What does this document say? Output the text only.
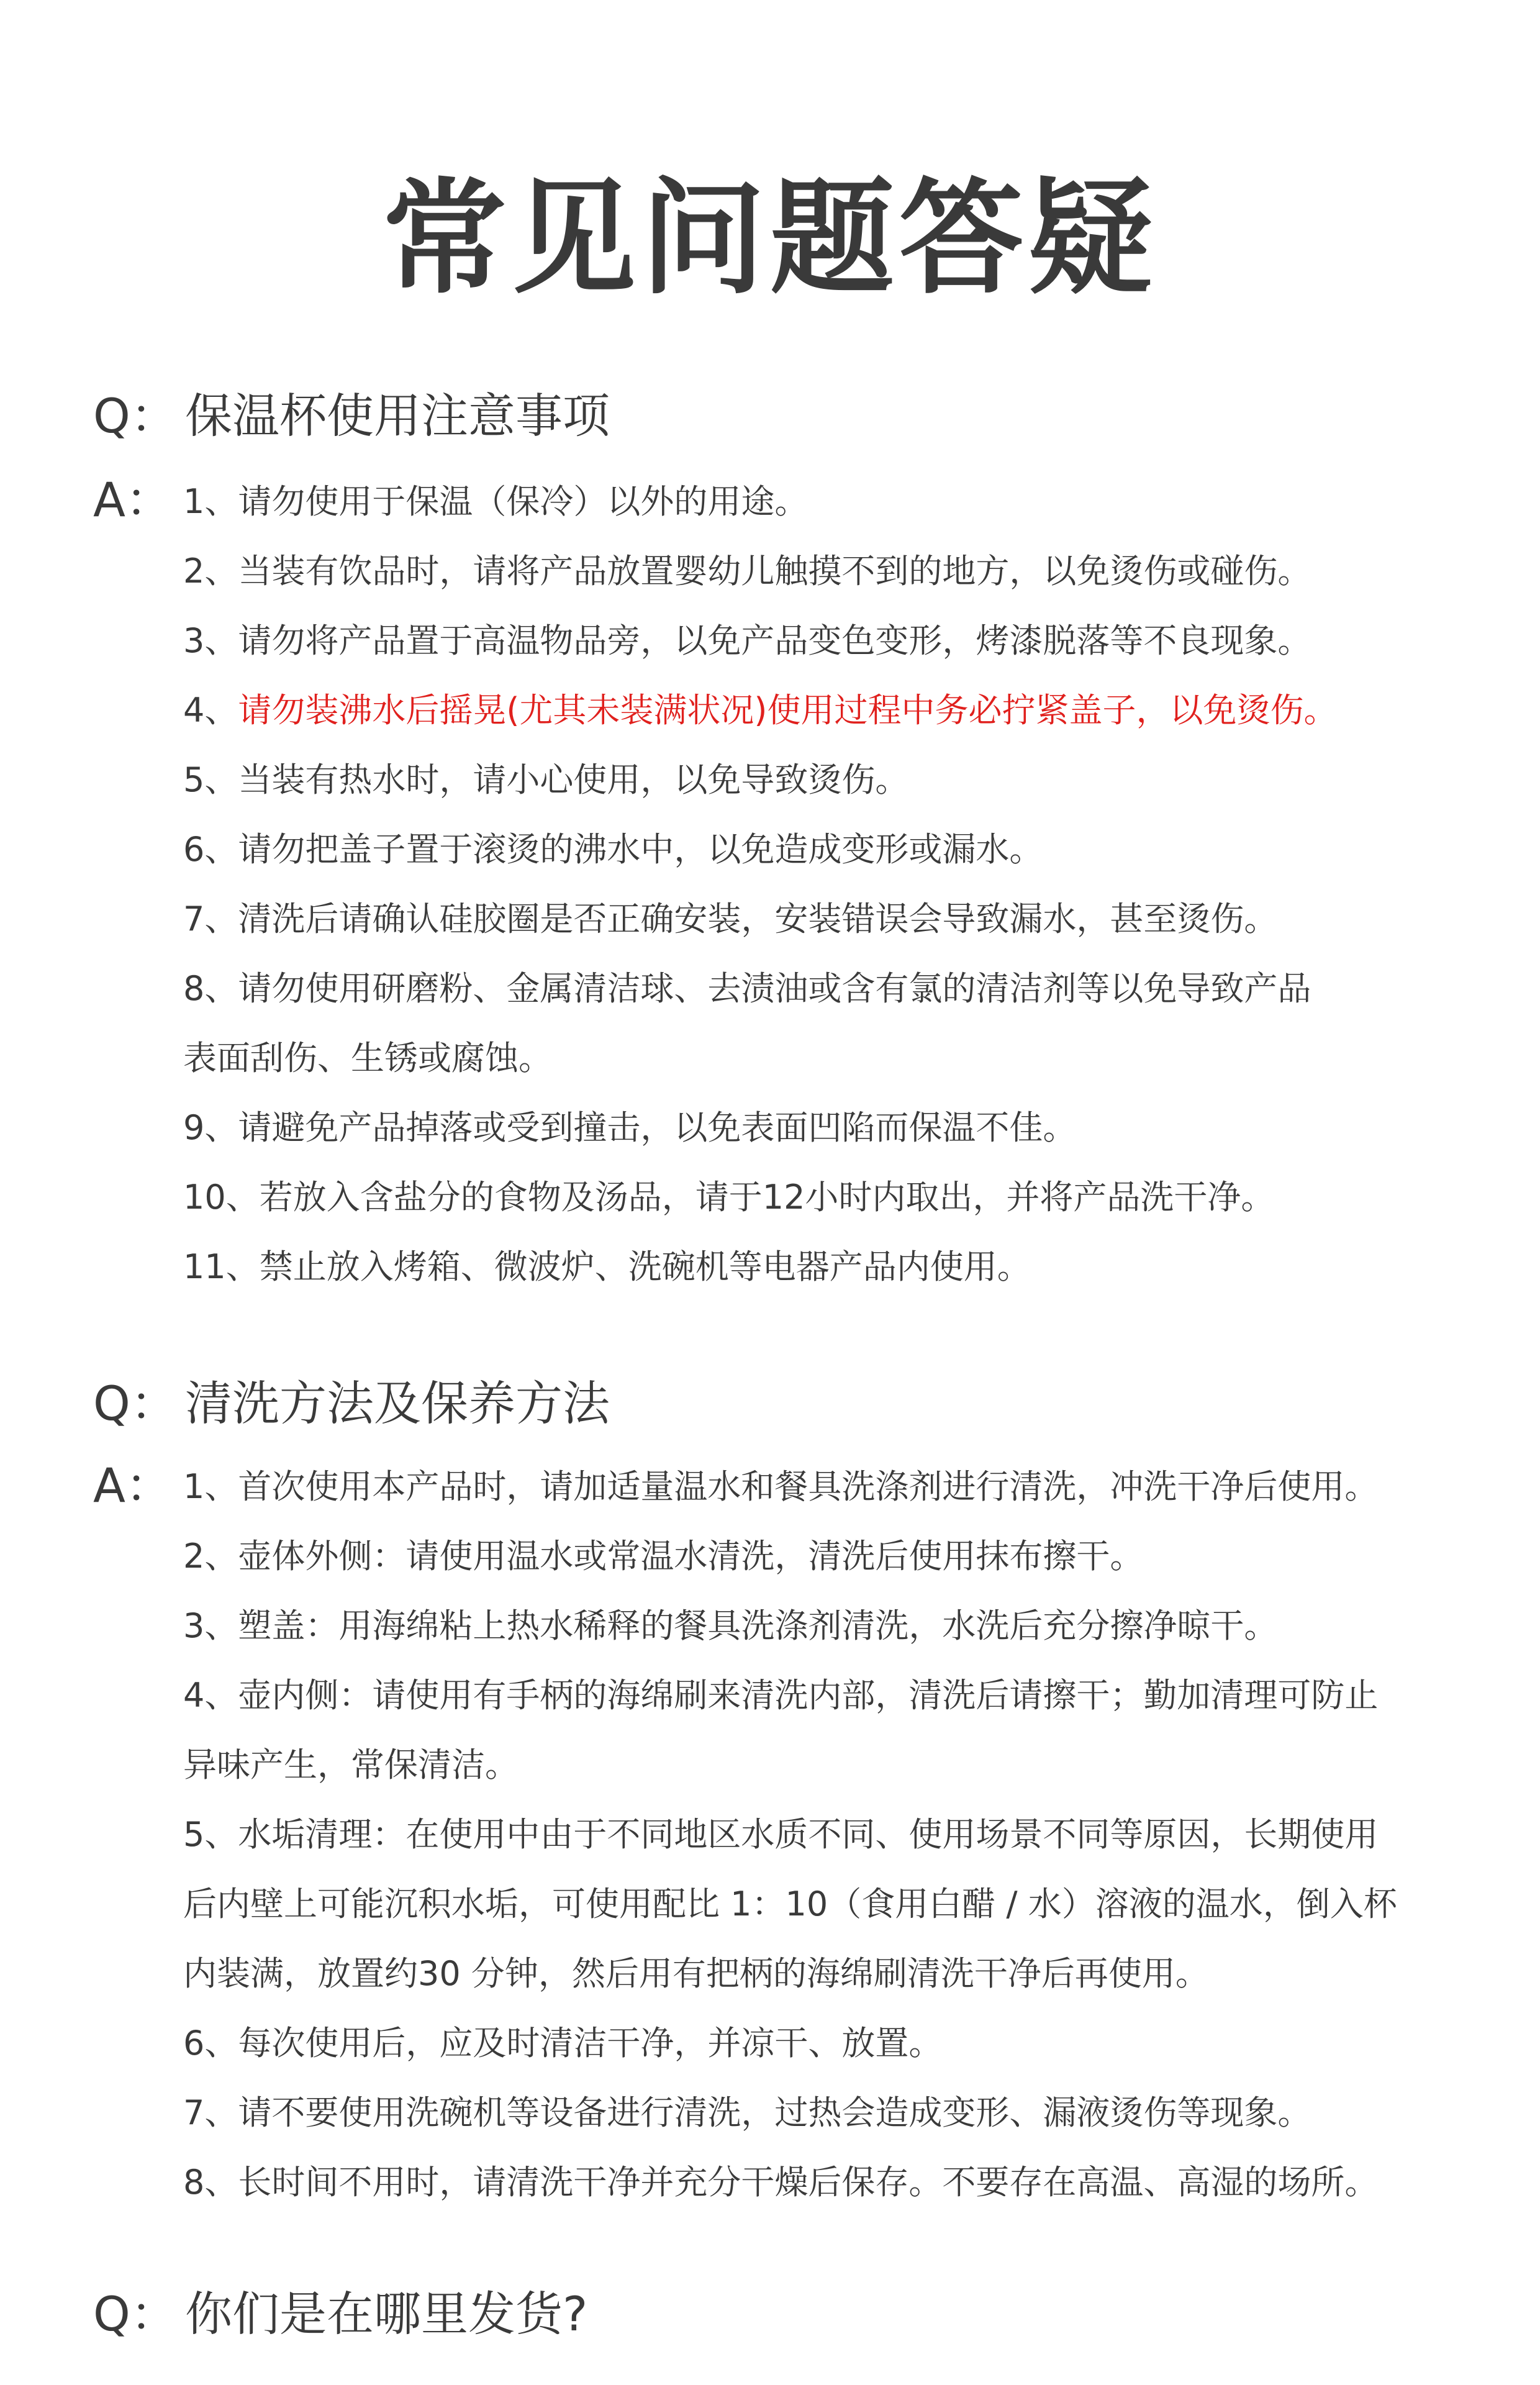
常见问题答疑
Q： 保温杯使用注意事项
A： 1、请勿使用于保温（保冷）以外的用途。
2、当装有饮品时，请将产品放置婴幼儿触摸不到的地方，以免烫伤或碰伤。
3、请勿将产品置于高温物品旁，以免产品变色变形，烤漆脱落等不良现象。
4、请勿装沸水后摇晃(尤其未装满状况)使用过程中务必拧紧盖子，以免烫伤。
5、当装有热水时，请小心使用，以免导致烫伤。
6、请勿把盖子置于滚烫的沸水中，以免造成变形或漏水。
7、清洗后请确认硅胶圈是否正确安装，安装错误会导致漏水，甚至烫伤。
8、请勿使用研磨粉、金属清洁球、去渍油或含有氯的清洁剂等以免导致产品
表面刮伤、生锈或腐蚀。
9、请避免产品掉落或受到撞击，以免表面凹陷而保温不佳。
10、若放入含盐分的食物及汤品，请于12小时内取出，并将产品洗干净。
11、禁止放入烤箱、微波炉、洗碗机等电器产品内使用。
Q： 清洗方法及保养方法
A： 1、首次使用本产品时，请加适量温水和餐具洗涤剂进行清洗，冲洗干净后使用。
2、壶体外侧：请使用温水或常温水清洗，清洗后使用抹布擦干。
3、塑盖：用海绵粘上热水稀释的餐具洗涤剂清洗，水洗后充分擦净晾干。
4、壶内侧：请使用有手柄的海绵刷来清洗内部，清洗后请擦干；勤加清理可防止
异味产生，常保清洁。
5、水垢清理：在使用中由于不同地区水质不同、使用场景不同等原因，长期使用
后内壁上可能沉积水垢，可使用配比 1：10（食用白醋 / 水）溶液的温水，倒入杯
内装满，放置约30 分钟，然后用有把柄的海绵刷清洗干净后再使用。
6、每次使用后，应及时清洁干净，并凉干、放置。
7、请不要使用洗碗机等设备进行清洗，过热会造成变形、漏液烫伤等现象。
8、长时间不用时，请清洗干净并充分干燥后保存。不要存在高温、高湿的场所。
Q： 你们是在哪里发货?
